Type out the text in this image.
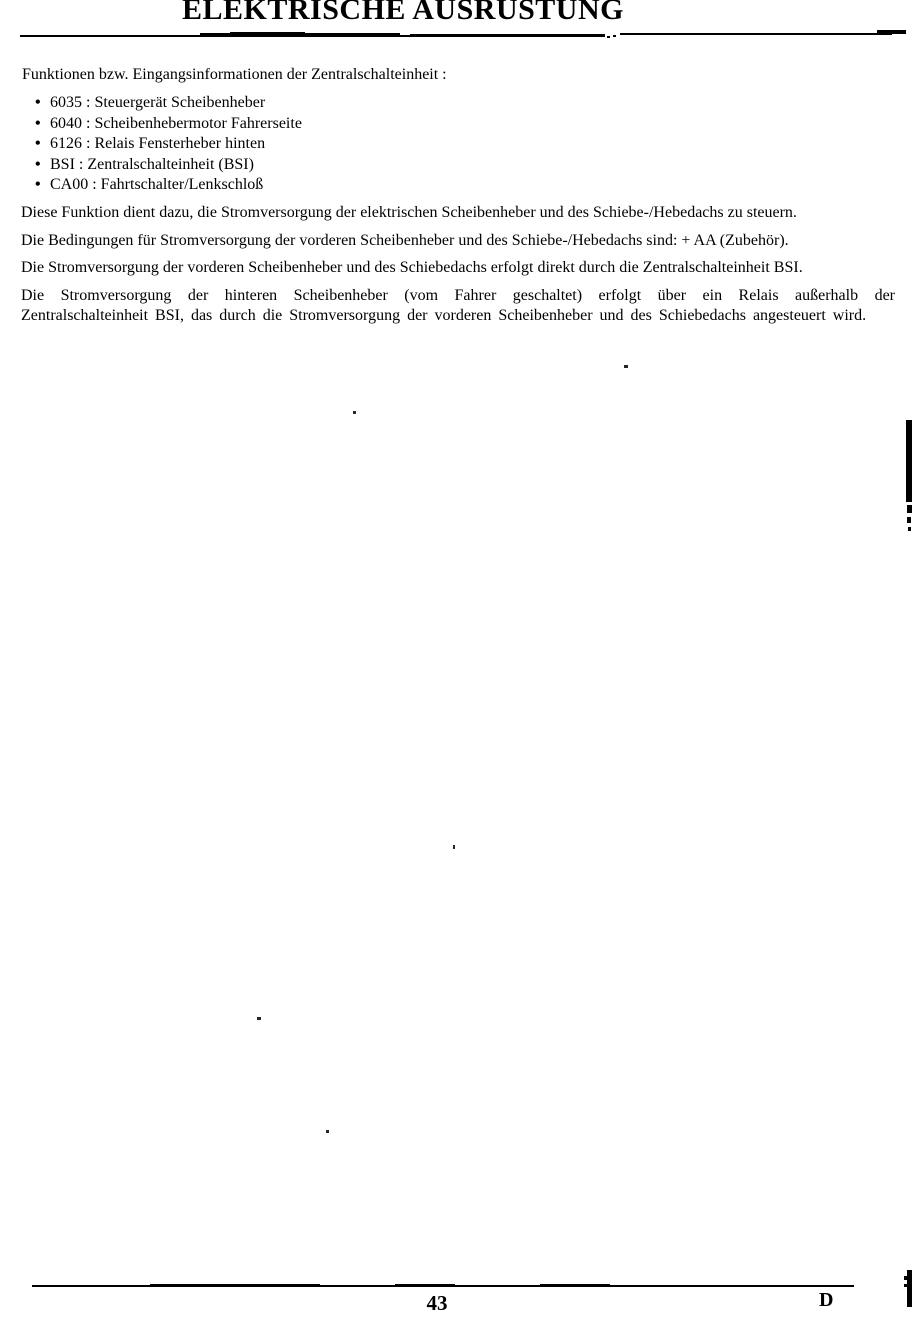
ELEKTRISCHE AUSRUSTUNG
Funktionen bzw. Eingangsinformationen der Zentralschalteinheit :
• 6035 : Steuergerät Scheibenheber
• 6040 : Scheibenhebermotor Fahrerseite
• 6126 : Relais Fensterheber hinten
• BSI : Zentralschalteinheit (BSI)
• CA00 : Fahrtschalter/Lenkschloß

Diese Funktion dient dazu, die Stromversorgung der elektrischen Scheibenheber und des Schiebe-/Hebedachs zu steuern.

Die Bedingungen für Stromversorgung der vorderen Scheibenheber und des Schiebe-/Hebedachs sind: + AA (Zubehör).

Die Stromversorgung der vorderen Scheibenheber und des Schiebedachs erfolgt direkt durch die Zentralschalteinheit BSI.

Die Stromversorgung der hinteren Scheibenheber (vom Fahrer geschaltet) erfolgt über ein Relais außerhalb der Zentralschalteinheit BSI, das durch die Stromversorgung der vorderen Scheibenheber und des Schiebedachs angesteuert wird.

43	D
